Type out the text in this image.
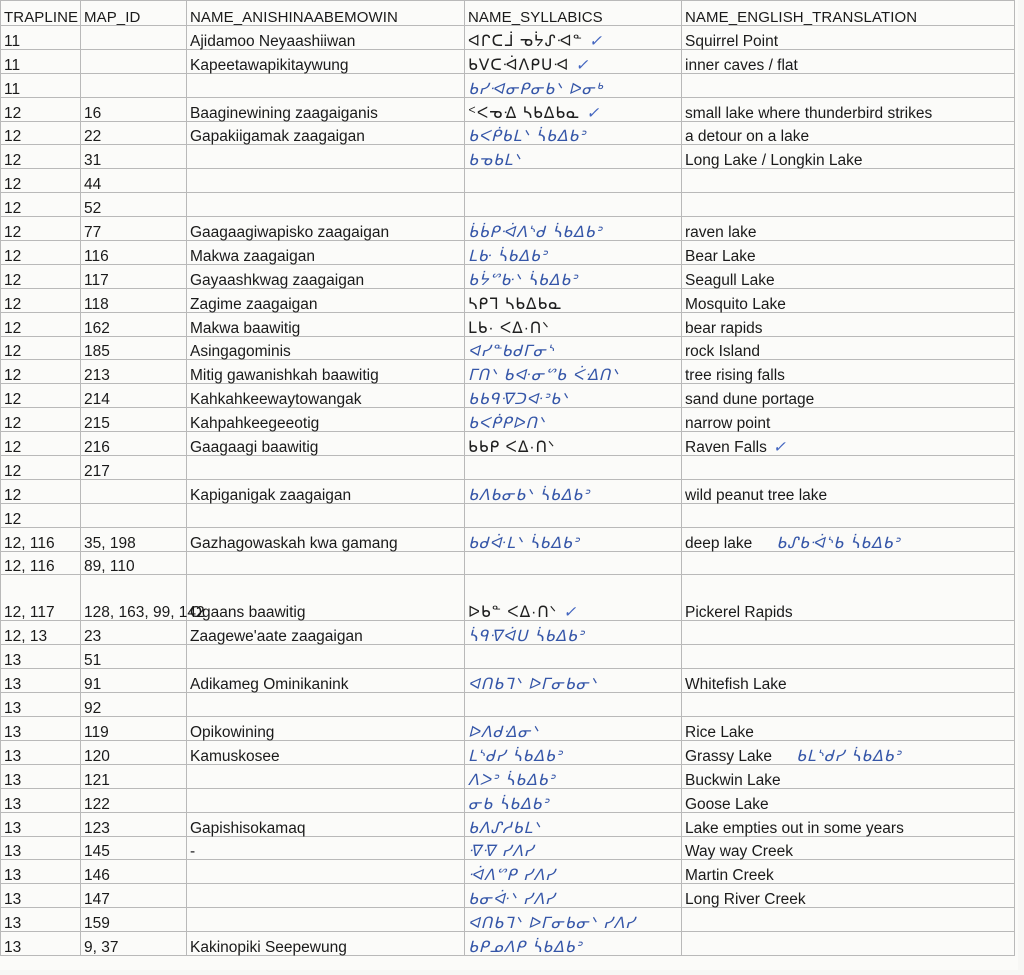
TRAPLINE	MAP_ID	NAME_ANISHINAABEMOWIN	NAME_SYLLABICS	NAME_ENGLISH_TRANSLATION
11		Ajidamoo Neyaashiiwan	ᐊᒋᑕᒨ ᓀᔮᔑᐗᓐ ✓	Squirrel Point
11		Kapeetawapikitaywung	ᑲᐯᑕᐙᐱᑭᑌᐗ ✓	inner caves / flat
11			ᑲᓯᐗᓂᑭᓂᑲᐠ ᐅᓂᒃ	
12	16	Baaginewining zaagaiganis	ᑉᐸᓀᐎ ᓴᑲᐃᑲᓇ ✓	small lake where thunderbird strikes
12	22	Gapakiigamak zaagaigan	ᑲᐸᑮᑲᒪᐠ ᓵᑲᐃᑲᐣ	a detour on a lake
12	31		ᑲᓀᑲᒪᐠ	Long Lake / Longkin Lake
12	44			
12	52			
12	77	Gaagaagiwapisko zaagaigan	ᑳᑳᑭᐙᐱᔅᑯ ᓵᑲᐃᑲᐣ	raven lake
12	116	Makwa zaagaigan	ᒪᑿ ᓵᑲᐃᑲᐣ	Bear Lake
12	117	Gayaashkwag zaagaigan	ᑲᔮᔥᑿᐠ ᓵᑲᐃᑲᐣ	Seagull Lake
12	118	Zagime zaagaigan	ᓴᑭᒣ ᓴᑲᐃᑲᓇ	Mosquito Lake
12	162	Makwa baawitig	ᒪᑲ· ᐸᐃ·ᑎᐠ	bear rapids
12	185	Asingagominis	ᐊᓯᓐᑲᑯᒥᓂᔅ	rock Island
12	213	Mitig gawanishkah baawitig	ᒥᑎᐠ ᑲᐘᓂᔥᑲ ᐹᐎᑎᐠ	tree rising falls
12	214	Kahkahkeewaytowangak	ᑲᑲᑫᐌᑐᐘᐣᑲᐠ	sand dune portage
12	215	Kahpahkeegeeotig	ᑲᐸᑮᑭᐅᑎᐠ	narrow point
12	216	Gaagaagi baawitig	ᑲᑲᑭ ᐸᐃ·ᑎᐠ	Raven Falls ✓
12	217			
12		Kapiganigak zaagaigan	ᑲᐱᑲᓂᑲᐠ ᓵᑲᐃᑲᐣ	wild peanut tree lake
12				
12, 116	35, 198	Gazhagowaskah kwa gamang	ᑲᑯᐚᒪᐠ ᓵᑲᐃᑲᐣ	deep lake ᑲᔑᑲᐙᔅᑲ ᓵᑲᐃᑲᐣ
12, 116	89, 110			
12, 117	128, 163, 99, 142	Ogaans baawitig	ᐅᑲᓐ ᐸᐃ·ᑎᐠ ✓	Pickerel Rapids
12, 13	23	Zaagewe'aate zaagaigan	ᓵᑫᐌᐋᑌ ᓵᑲᐃᑲᐣ	
13	51			
13	91	Adikameg Ominikanink	ᐊᑎᑲᒣᐠ ᐅᒥᓂᑲᓂᐠ	Whitefish Lake
13	92			
13	119	Opikowining	ᐅᐱᑯᐎᓂᐠ	Rice Lake
13	120	Kamuskosee	ᒪᔅᑯᓯ ᓵᑲᐃᑲᐣ	Grassy Lake ᑲᒪᔅᑯᓯ ᓵᑲᐃᑲᐣ
13	121		ᐱᐳᐣ ᓵᑲᐃᑲᐣ	Buckwin Lake
13	122		ᓂᑲ ᓵᑲᐃᑲᐣ	Goose Lake
13	123	Gapishisokamaq	ᑲᐱᔑᓱᑲᒪᐠ	Lake empties out in some years
13	145	-	ᐌᐌ ᓯᐱᓯ	Way way Creek
13	146		ᐙᐱᔥᑭ ᓯᐱᓯ	Martin Creek
13	147		ᑲᓂᐚᐠ ᓯᐱᓯ	Long River Creek
13	159		ᐊᑎᑲᒣᐠ ᐅᒥᓂᑲᓂᐠ ᓯᐱᓯ	
13	9, 37	Kakinopiki Seepewung	ᑲᑭᓄᐱᑭ ᓵᑲᐃᑲᐣ	
